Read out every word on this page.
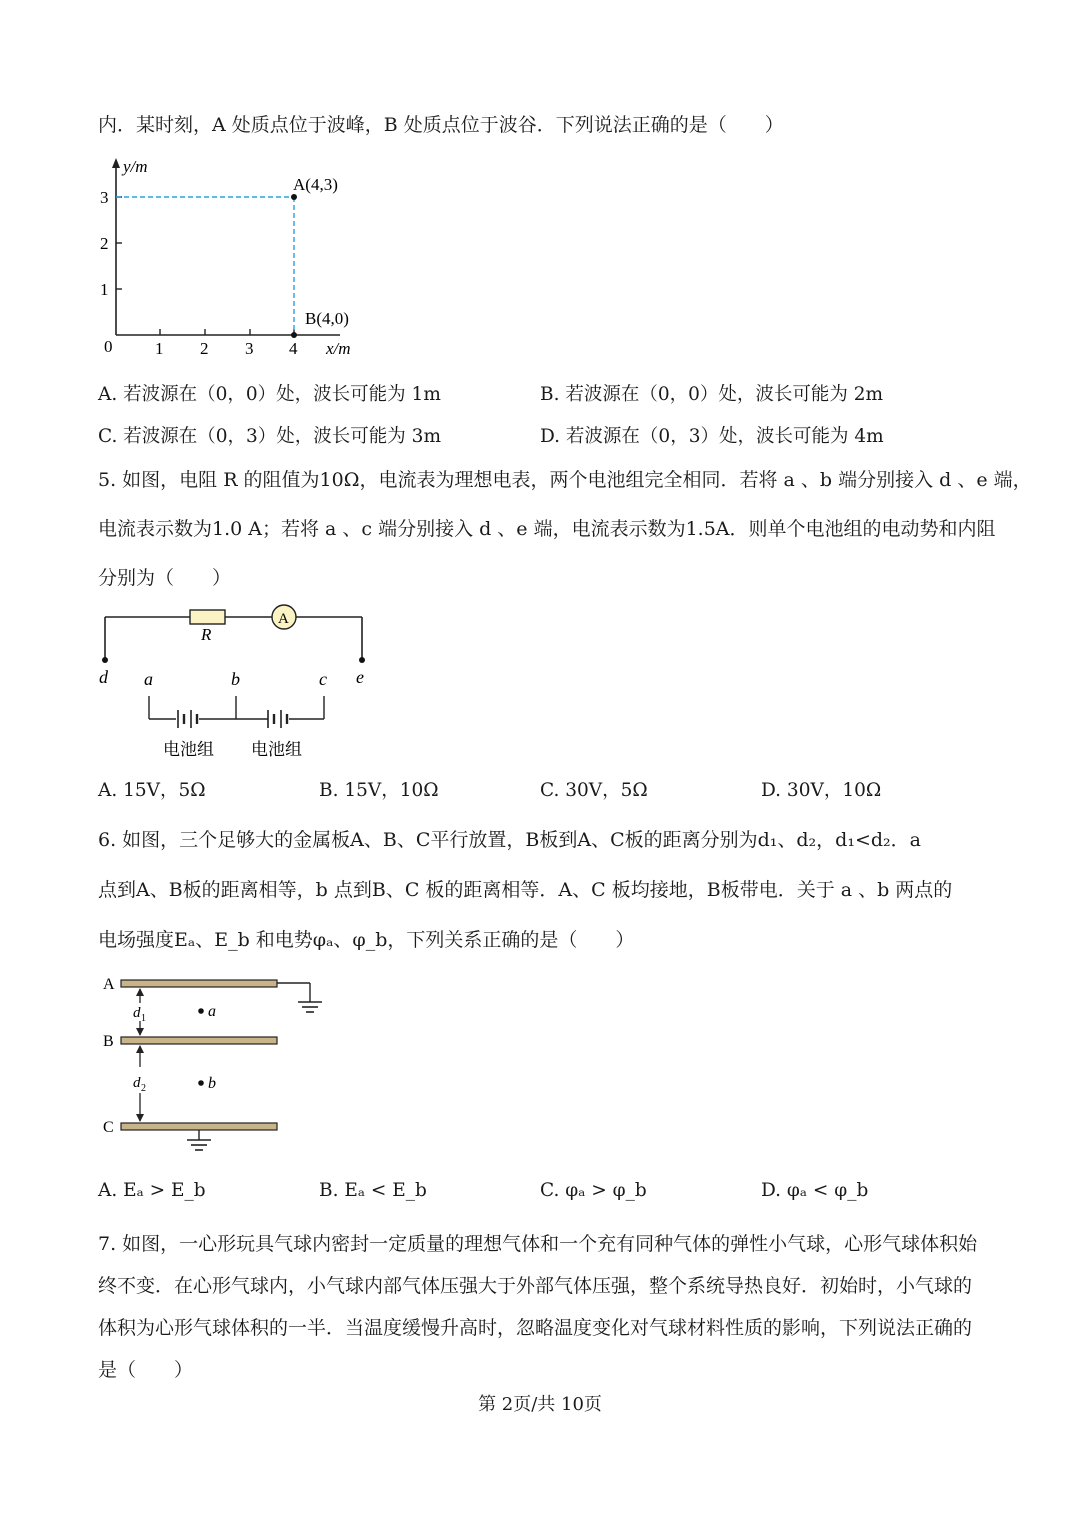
内．某时刻，A 处质点位于波峰，B 处质点位于波谷．下列说法正确的是（　　）
y/m
x/m
0	1 2 3 4
1
2
3
A(4,3)
B(4,0)
A. 若波源在（0，0）处，波长可能为 1m	B. 若波源在（0，0）处，波长可能为 2m
C. 若波源在（0，3）处，波长可能为 3m	D. 若波源在（0，3）处，波长可能为 4m
5. 如图，电阻 R 的阻值为10Ω，电流表为理想电表，两个电池组完全相同．若将 a 、b 端分别接入 d 、e 端，
电流表示数为1.0 A；若将 a 、c 端分别接入 d 、e 端，电流表示数为1.5A．则单个电池组的电动势和内阻
分别为（　　）
R
A
d	e
a	b	c
电池组 电池组
A. 15V，5Ω	B. 15V，10Ω	C. 30V，5Ω	D. 30V，10Ω
6. 如图，三个足够大的金属板A、B、C平行放置，B板到A、C板的距离分别为d₁、d₂，d₁<d₂．a
点到A、B板的距离相等，b 点到B、C 板的距离相等．A、C 板均接地，B板带电．关于 a 、b 两点的
电场强度Eₐ、E_b 和电势φₐ、φ_b，下列关系正确的是（　　）
A
B
C
d 1
d 2
a
b
A. Eₐ > E_b	B. Eₐ < E_b	C. φₐ > φ_b	D. φₐ < φ_b
7. 如图，一心形玩具气球内密封一定质量的理想气体和一个充有同种气体的弹性小气球，心形气球体积始
终不变．在心形气球内，小气球内部气体压强大于外部气体压强，整个系统导热良好．初始时，小气球的
体积为心形气球体积的一半．当温度缓慢升高时，忽略温度变化对气球材料性质的影响，下列说法正确的
是（　　）
第 2页/共 10页
